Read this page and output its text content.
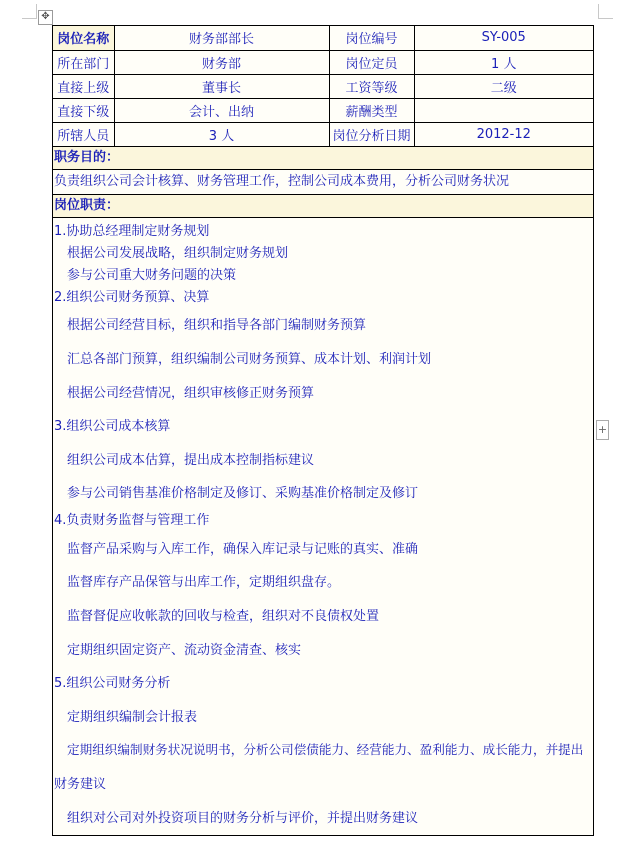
✥
+
岗位名称	财务部部长	岗位编号	SY-005
所在部门	财务部	岗位定员	1 人
直接上级	董事长	工资等级	二级
直接下级	会计、出纳	薪酬类型	
所辖人员	3 人	岗位分析日期	2012-12
职务目的：
负责组织公司会计核算、财务管理工作，控制公司成本费用，分析公司财务状况
岗位职责：
1.协助总经理制定财务规划
根据公司发展战略，组织制定财务规划
参与公司重大财务问题的决策
2.组织公司财务预算、决算
根据公司经营目标，组织和指导各部门编制财务预算
汇总各部门预算，组织编制公司财务预算、成本计划、利润计划
根据公司经营情况，组织审核修正财务预算
3.组织公司成本核算
组织公司成本估算，提出成本控制指标建议
参与公司销售基准价格制定及修订、采购基准价格制定及修订
4.负责财务监督与管理工作
监督产品采购与入库工作，确保入库记录与记账的真实、准确
监督库存产品保管与出库工作，定期组织盘存。
监督督促应收帐款的回收与检查，组织对不良债权处置
定期组织固定资产、流动资金清查、核实
5.组织公司财务分析
定期组织编制会计报表
定期组织编制财务状况说明书，分析公司偿债能力、经营能力、盈利能力、成长能力，并提出
财务建议
组织对公司对外投资项目的财务分析与评价，并提出财务建议
